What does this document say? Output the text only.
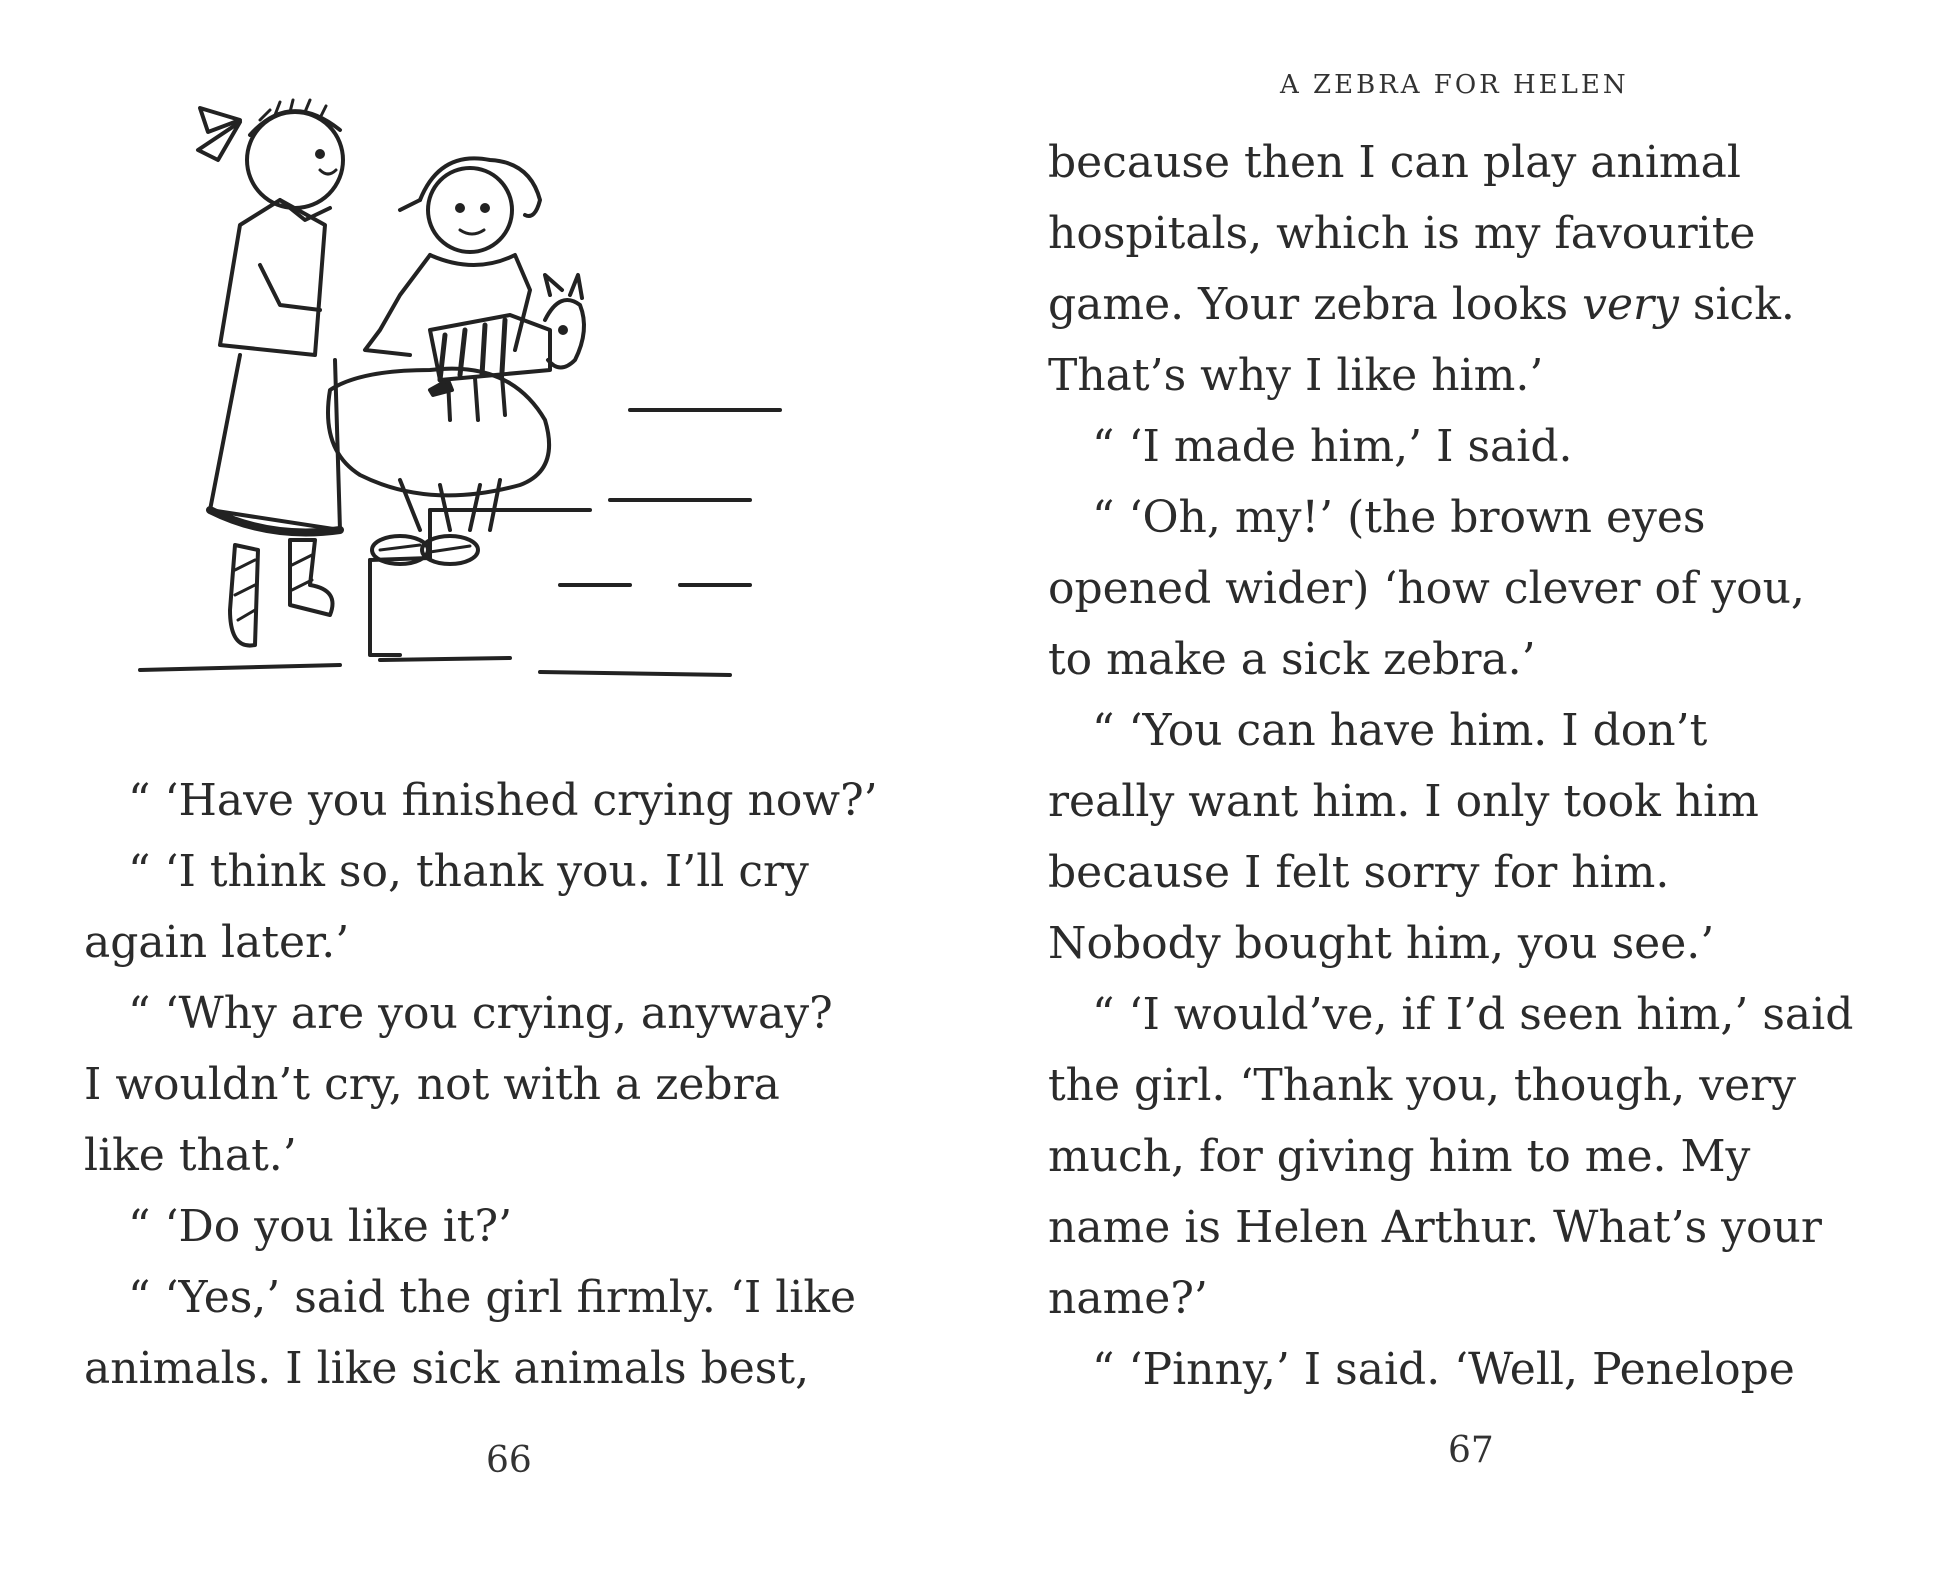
“ ‘Have you finished crying now?’
“ ‘I think so, thank you. I’ll cry
again later.’
“ ‘Why are you crying, anyway?
I wouldn’t cry, not with a zebra
like that.’
“ ‘Do you like it?’
“ ‘Yes,’ said the girl firmly. ‘I like
animals. I like sick animals best,
66
A ZEBRA FOR HELEN
because then I can play animal
hospitals, which is my favourite
game. Your zebra looks very sick.
That’s why I like him.’
“ ‘I made him,’ I said.
“ ‘Oh, my!’ (the brown eyes
opened wider) ‘how clever of you,
to make a sick zebra.’
“ ‘You can have him. I don’t
really want him. I only took him
because I felt sorry for him.
Nobody bought him, you see.’
“ ‘I would’ve, if I’d seen him,’ said
the girl. ‘Thank you, though, very
much, for giving him to me. My
name is Helen Arthur. What’s your
name?’
“ ‘Pinny,’ I said. ‘Well, Penelope
67
